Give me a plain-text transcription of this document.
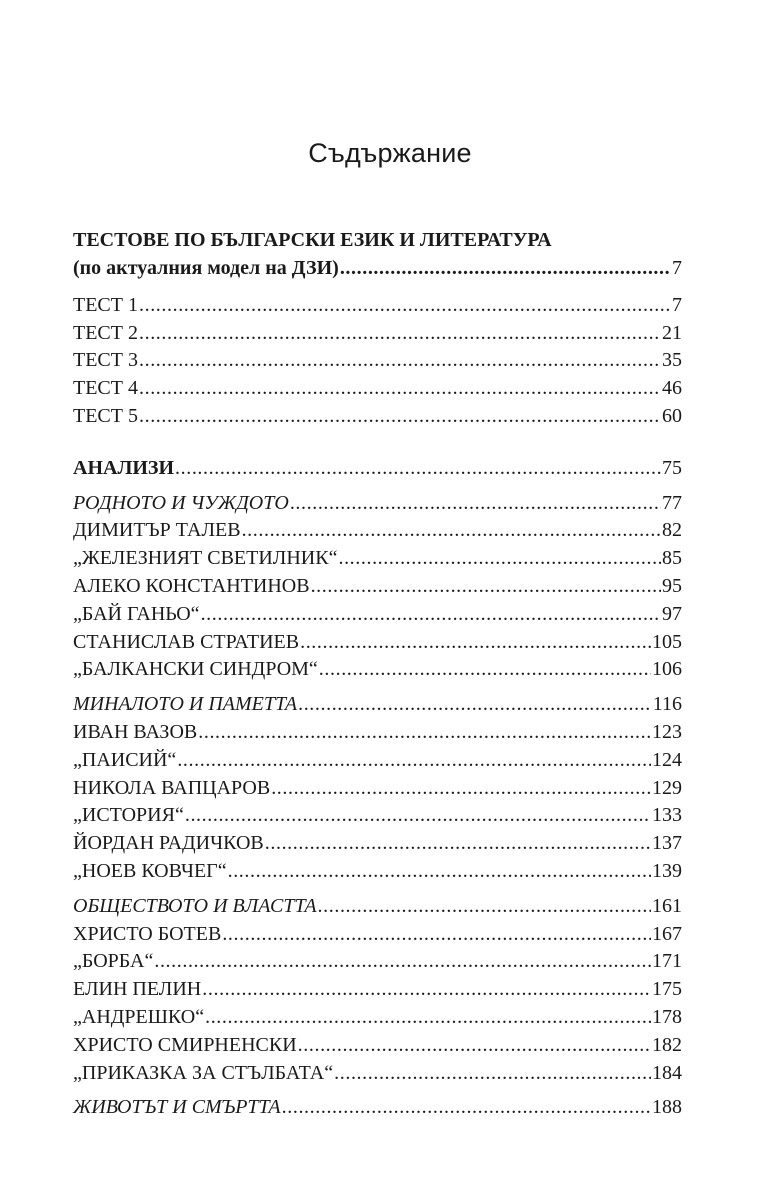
Съдържание
ТЕСТОВЕ ПО БЪЛГАРСКИ ЕЗИК И ЛИТЕРАТУРА
(по актуалния модел на ДЗИ) . . .	7
ТЕСТ 1 . . .	7
ТЕСТ 2 . . .	21
ТЕСТ 3 . . .	35
ТЕСТ 4 . . .	46
ТЕСТ 5 . . .	60
АНАЛИЗИ . . .	75
РОДНОТО И ЧУЖДОТО . . .	77
ДИМИТЪР ТАЛЕВ . . .	82
„ЖЕЛЕЗНИЯТ СВЕТИЛНИК“ . . .	85
АЛЕКО КОНСТАНТИНОВ . . .	95
„БАЙ ГАНЬО“ . . .	97
СТАНИСЛАВ СТРАТИЕВ . . .	105
„БАЛКАНСКИ СИНДРОМ“ . . .	106
МИНАЛОТО И ПАМЕТТА . . .	116
ИВАН ВАЗОВ . . .	123
„ПАИСИЙ“ . . .	124
НИКОЛА ВАПЦАРОВ . . .	129
„ИСТОРИЯ“ . . .	133
ЙОРДАН РАДИЧКОВ . . .	137
„НОЕВ КОВЧЕГ“ . . .	139
ОБЩЕСТВОТО И ВЛАСТТА . . .	161
ХРИСТО БОТЕВ . . .	167
„БОРБА“ . . .	171
ЕЛИН ПЕЛИН . . .	175
„АНДРЕШКО“ . . .	178
ХРИСТО СМИРНЕНСКИ . . .	182
„ПРИКАЗКА ЗА СТЪЛБАТА“ . . .	184
ЖИВОТЪТ И СМЪРТТА . . .	188
